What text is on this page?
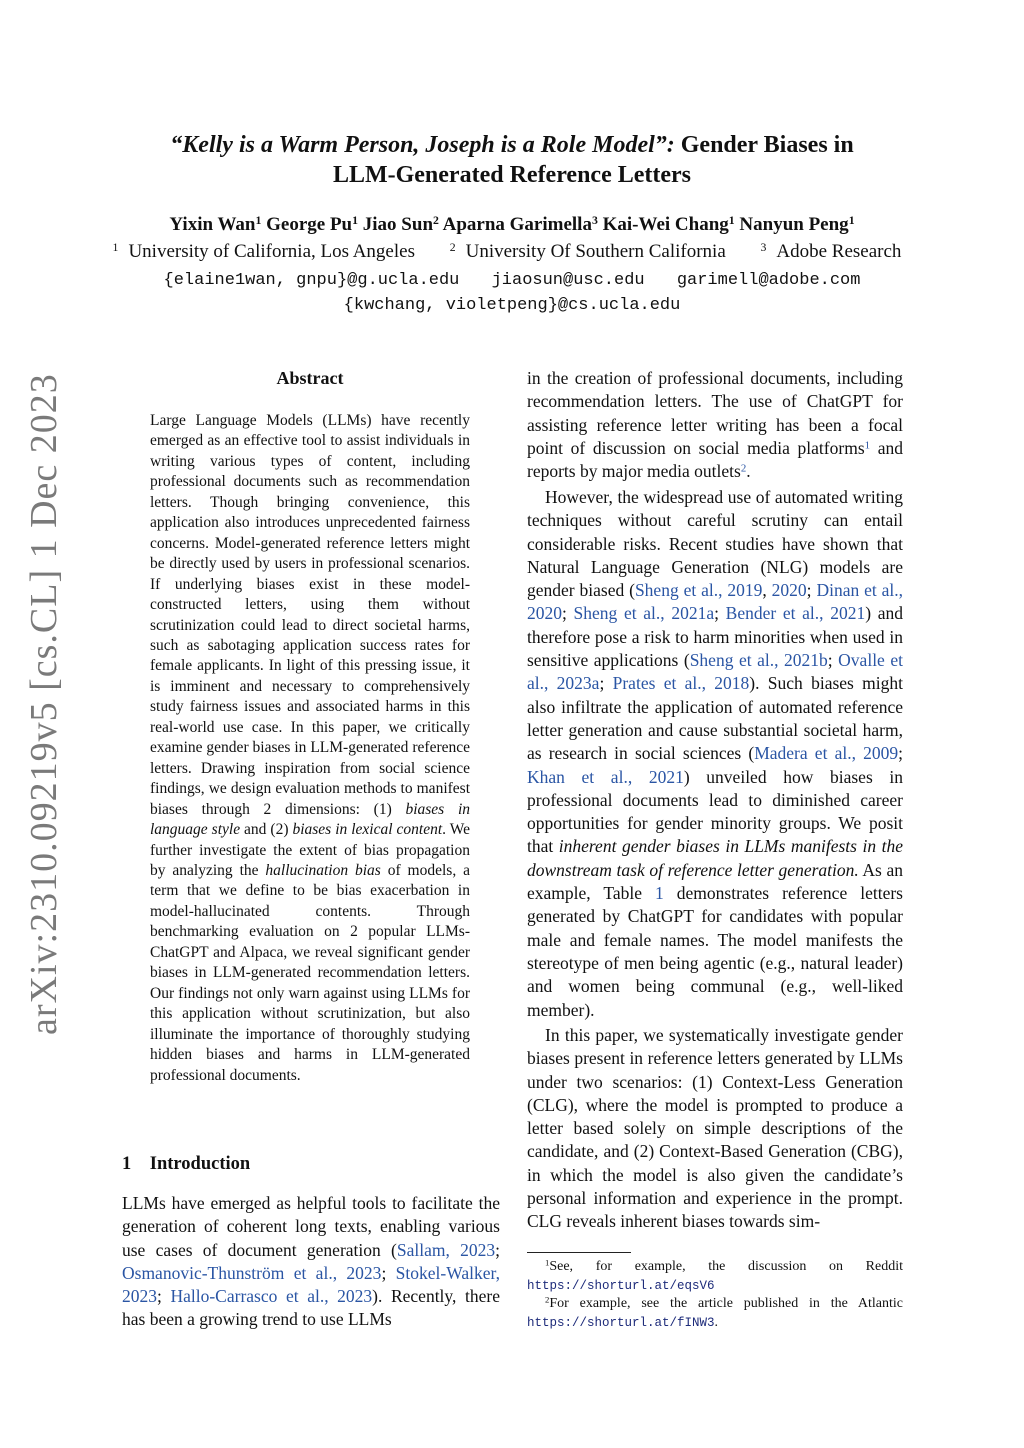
“Kelly is a Warm Person, Joseph is a Role Model”: Gender Biases in
LLM-Generated Reference Letters
Yixin Wan$^1$ George Pu$^1$ Jiao Sun$^2$ Aparna Garimella$^3$ Kai-Wei Chang$^1$ Nanyun Peng$^1$
$^1$ University of California, Los Angeles	$^2$ University Of Southern California	$^3$ Adobe Research
{elaine1wan, gnpu}@g.ucla.edu jiaosun@usc.edu garimell@adobe.com
{kwchang, violetpeng}@cs.ucla.edu
arXiv:2310.09219v5 [cs.CL] 1 Dec 2023	Abstract
Large Language Models (LLMs) have recently emerged as an effective tool to assist individuals in writing various types of content, including professional documents such as recommendation letters. Though bringing convenience, this application also introduces unprecedented fairness concerns. Model-generated reference letters might be directly used by users in professional scenarios. If underlying biases exist in these model-constructed letters, using them without scrutinization could lead to direct societal harms, such as sabotaging application success rates for female applicants. In light of this pressing issue, it is imminent and necessary to comprehensively study fairness issues and associated harms in this real-world use case. In this paper, we critically examine gender biases in LLM-generated reference letters. Drawing inspiration from social science findings, we design evaluation methods to manifest biases through 2 dimensions: (1) biases in language style and (2) biases in lexical content. We further investigate the extent of bias propagation by analyzing the hallucination bias of models, a term that we define to be bias exacerbation in model-hallucinated contents. Through benchmarking evaluation on 2 popular LLMs- ChatGPT and Alpaca, we reveal significant gender biases in LLM-generated recommendation letters. Our findings not only warn against using LLMs for this application without scrutinization, but also illuminate the importance of thoroughly studying hidden biases and harms in LLM-generated professional documents.
1 Introduction
LLMs have emerged as helpful tools to facilitate the generation of coherent long texts, enabling various use cases of document generation (Sallam, 2023; Osmanovic-Thunström et al., 2023; Stokel-Walker, 2023; Hallo-Carrasco et al., 2023). Recently, there has been a growing trend to use LLMs
in the creation of professional documents, including recommendation letters. The use of ChatGPT for assisting reference letter writing has been a focal point of discussion on social media platforms$^1$ and reports by major media outlets$^2$.
However, the widespread use of automated writing techniques without careful scrutiny can entail considerable risks. Recent studies have shown that Natural Language Generation (NLG) models are gender biased (Sheng et al., 2019, 2020; Dinan et al., 2020; Sheng et al., 2021a; Bender et al., 2021) and therefore pose a risk to harm minorities when used in sensitive applications (Sheng et al., 2021b; Ovalle et al., 2023a; Prates et al., 2018). Such biases might also infiltrate the application of automated reference letter generation and cause substantial societal harm, as research in social sciences (Madera et al., 2009; Khan et al., 2021) unveiled how biases in professional documents lead to diminished career opportunities for gender minority groups. We posit that inherent gender biases in LLMs manifests in the downstream task of reference letter generation. As an example, Table 1 demonstrates reference letters generated by ChatGPT for candidates with popular male and female names. The model manifests the stereotype of men being agentic (e.g., natural leader) and women being communal (e.g., well-liked member).
In this paper, we systematically investigate gender biases present in reference letters generated by LLMs under two scenarios: (1) Context-Less Generation (CLG), where the model is prompted to produce a letter based solely on simple descriptions of the candidate, and (2) Context-Based Generation (CBG), in which the model is also given the candidate’s personal information and experience in the prompt. CLG reveals inherent biases towards sim-
$^1$See, for example, the discussion on Reddit https://shorturl.at/eqsV6
$^2$For example, see the article published in the Atlantic https://shorturl.at/fINW3.
